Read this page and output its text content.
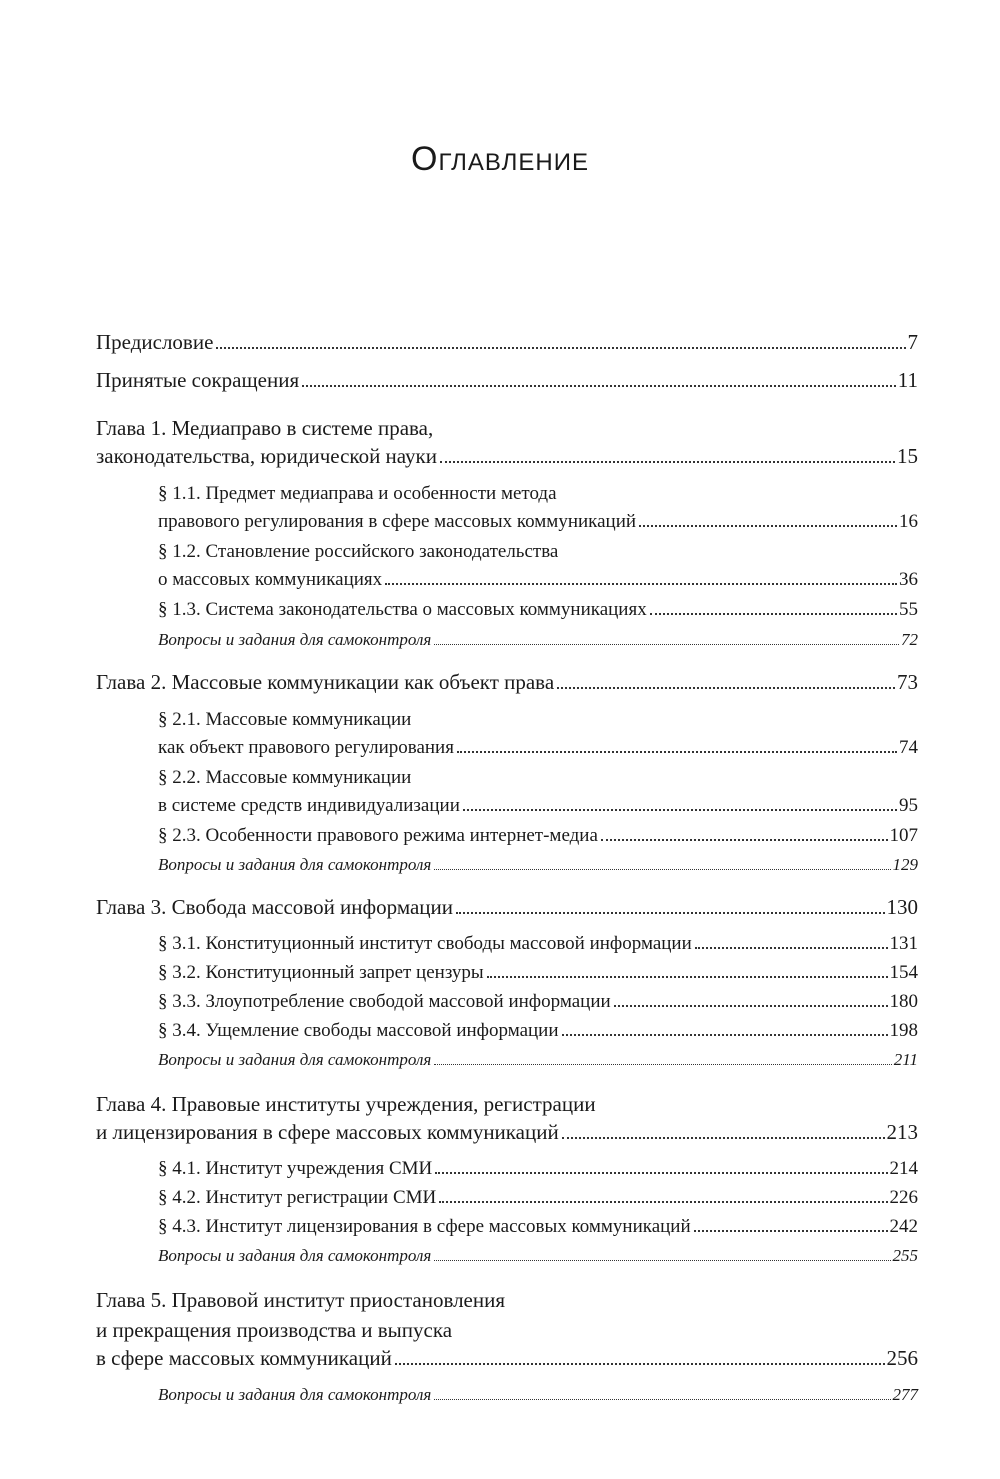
Оглавление
Предисловие	7
Принятые сокращения	11
Глава 1. Медиаправо в системе права,
законодательства, юридической науки	15
§ 1.1. Предмет медиаправа и особенности метода
правового регулирования в сфере массовых коммуникаций	16
§ 1.2. Становление российского законодательства
о массовых коммуникациях	36
§ 1.3. Система законодательства о массовых коммуникациях	55
Вопросы и задания для самоконтроля	72
Глава 2. Массовые коммуникации как объект права	73
§ 2.1. Массовые коммуникации
как объект правового регулирования	74
§ 2.2. Массовые коммуникации
в системе средств индивидуализации	95
§ 2.3. Особенности правового режима интернет-медиа	107
Вопросы и задания для самоконтроля	129
Глава 3. Свобода массовой информации	130
§ 3.1. Конституционный институт свободы массовой информации	131
§ 3.2. Конституционный запрет цензуры	154
§ 3.3. Злоупотребление свободой массовой информации	180
§ 3.4. Ущемление свободы массовой информации	198
Вопросы и задания для самоконтроля	211
Глава 4. Правовые институты учреждения, регистрации
и лицензирования в сфере массовых коммуникаций	213
§ 4.1. Институт учреждения СМИ	214
§ 4.2. Институт регистрации СМИ	226
§ 4.3. Институт лицензирования в сфере массовых коммуникаций	242
Вопросы и задания для самоконтроля	255
Глава 5. Правовой институт приостановления
и прекращения производства и выпуска
в сфере массовых коммуникаций	256
Вопросы и задания для самоконтроля	277
